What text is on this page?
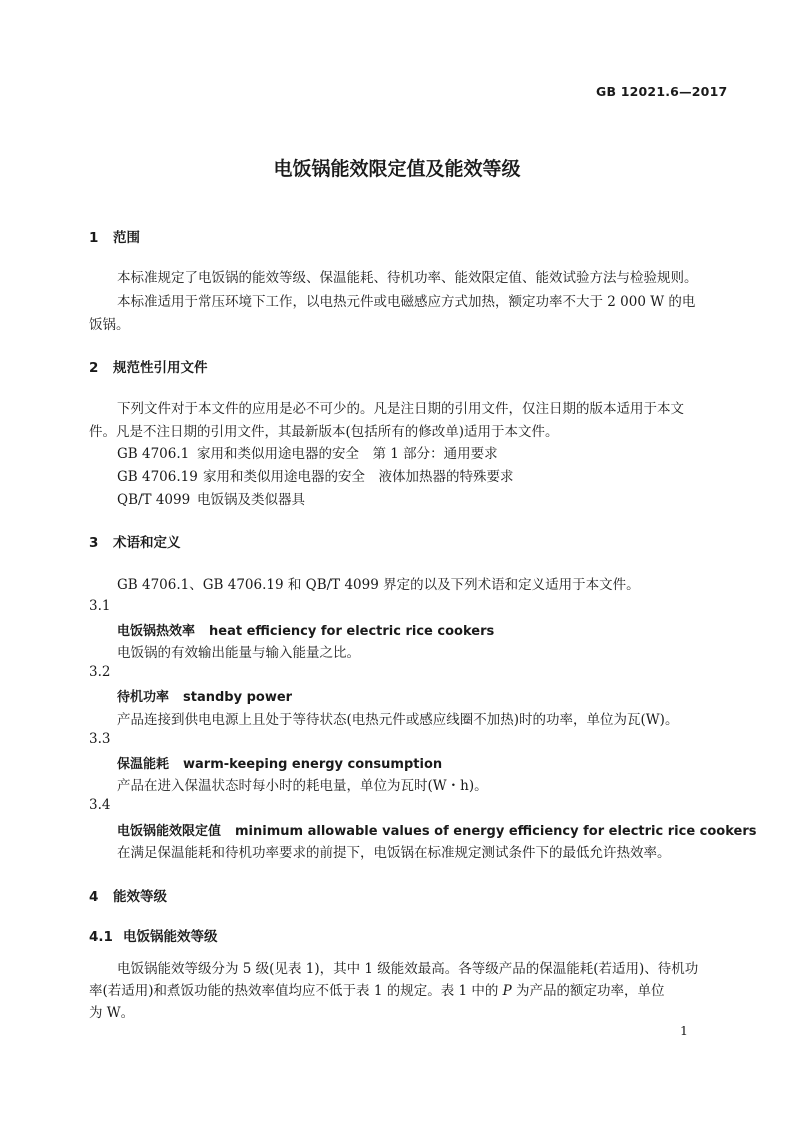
GB 12021.6—2017
电饭锅能效限定值及能效等级
1 范围
本标准规定了电饭锅的能效等级、保温能耗、待机功率、能效限定值、能效试验方法与检验规则。
本标准适用于常压环境下工作，以电热元件或电磁感应方式加热，额定功率不大于 2 000 W 的电
饭锅。
2 规范性引用文件
下列文件对于本文件的应用是必不可少的。凡是注日期的引用文件，仅注日期的版本适用于本文
件。凡是不注日期的引用文件，其最新版本(包括所有的修改单)适用于本文件。
GB 4706.1 家用和类似用途电器的安全　第 1 部分：通用要求
GB 4706.19 家用和类似用途电器的安全　液体加热器的特殊要求
QB/T 4099 电饭锅及类似器具
3 术语和定义
GB 4706.1、GB 4706.19 和 QB/T 4099 界定的以及下列术语和定义适用于本文件。
3.1
电饭锅热效率 heat efficiency for electric rice cookers
电饭锅的有效输出能量与输入能量之比。
3.2
待机功率 standby power
产品连接到供电电源上且处于等待状态(电热元件或感应线圈不加热)时的功率，单位为瓦(W)。
3.3
保温能耗 warm-keeping energy consumption
产品在进入保温状态时每小时的耗电量，单位为瓦时(W・h)。
3.4
电饭锅能效限定值 minimum allowable values of energy efficiency for electric rice cookers
在满足保温能耗和待机功率要求的前提下，电饭锅在标准规定测试条件下的最低允许热效率。
4 能效等级
4.1 电饭锅能效等级
电饭锅能效等级分为 5 级(见表 1)，其中 1 级能效最高。各等级产品的保温能耗(若适用)、待机功
率(若适用)和煮饭功能的热效率值均应不低于表 1 的规定。表 1 中的 P 为产品的额定功率，单位
为 W。
1
